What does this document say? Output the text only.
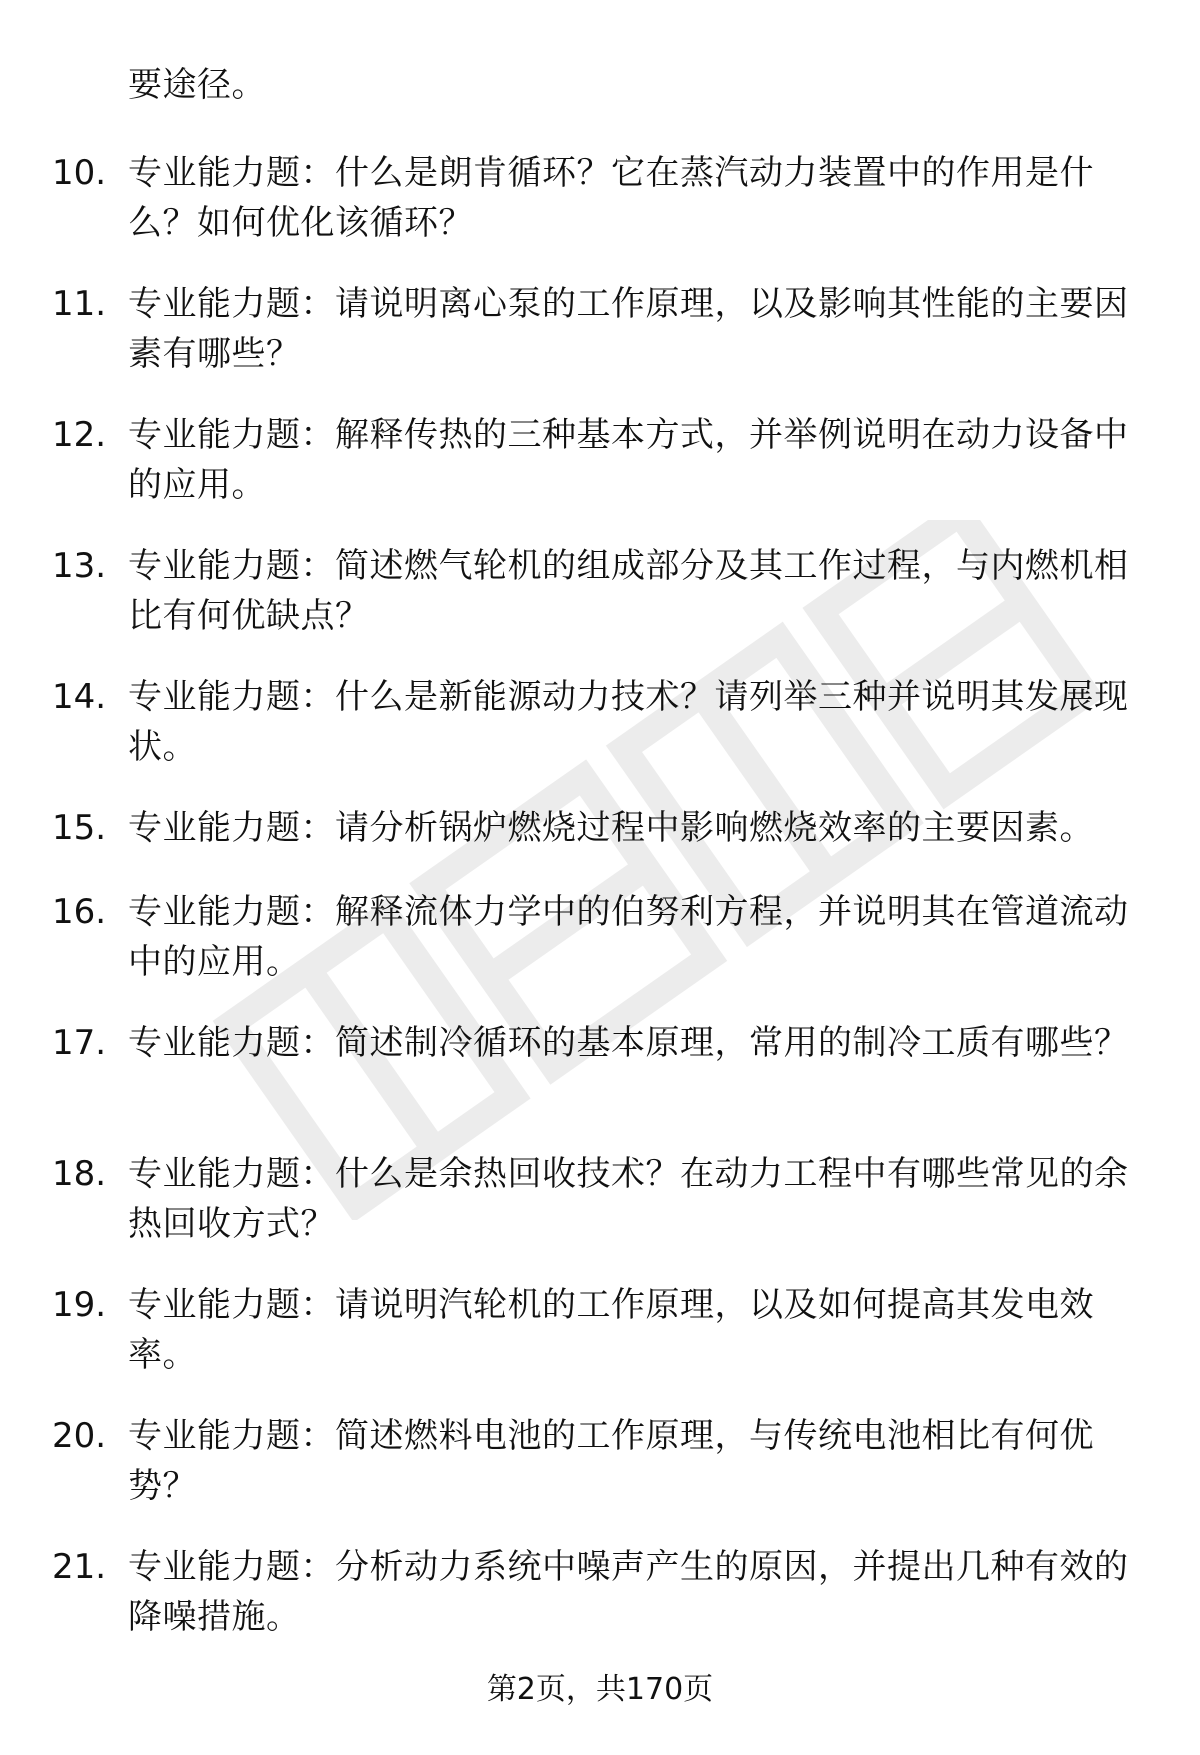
要途径。
10. 专业能力题：什么是朗肯循环？它在蒸汽动力装置中的作用是什么？如何优化该循环？
11. 专业能力题：请说明离心泵的工作原理，以及影响其性能的主要因素有哪些？
12. 专业能力题：解释传热的三种基本方式，并举例说明在动力设备中的应用。
13. 专业能力题：简述燃气轮机的组成部分及其工作过程，与内燃机相比有何优缺点？
14. 专业能力题：什么是新能源动力技术？请列举三种并说明其发展现状。
15. 专业能力题：请分析锅炉燃烧过程中影响燃烧效率的主要因素。
16. 专业能力题：解释流体力学中的伯努利方程，并说明其在管道流动中的应用。
17. 专业能力题：简述制冷循环的基本原理，常用的制冷工质有哪些？
18. 专业能力题：什么是余热回收技术？在动力工程中有哪些常见的余热回收方式？
19. 专业能力题：请说明汽轮机的工作原理，以及如何提高其发电效率。
20. 专业能力题：简述燃料电池的工作原理，与传统电池相比有何优势？
21. 专业能力题：分析动力系统中噪声产生的原因，并提出几种有效的降噪措施。
第2页，共170页
